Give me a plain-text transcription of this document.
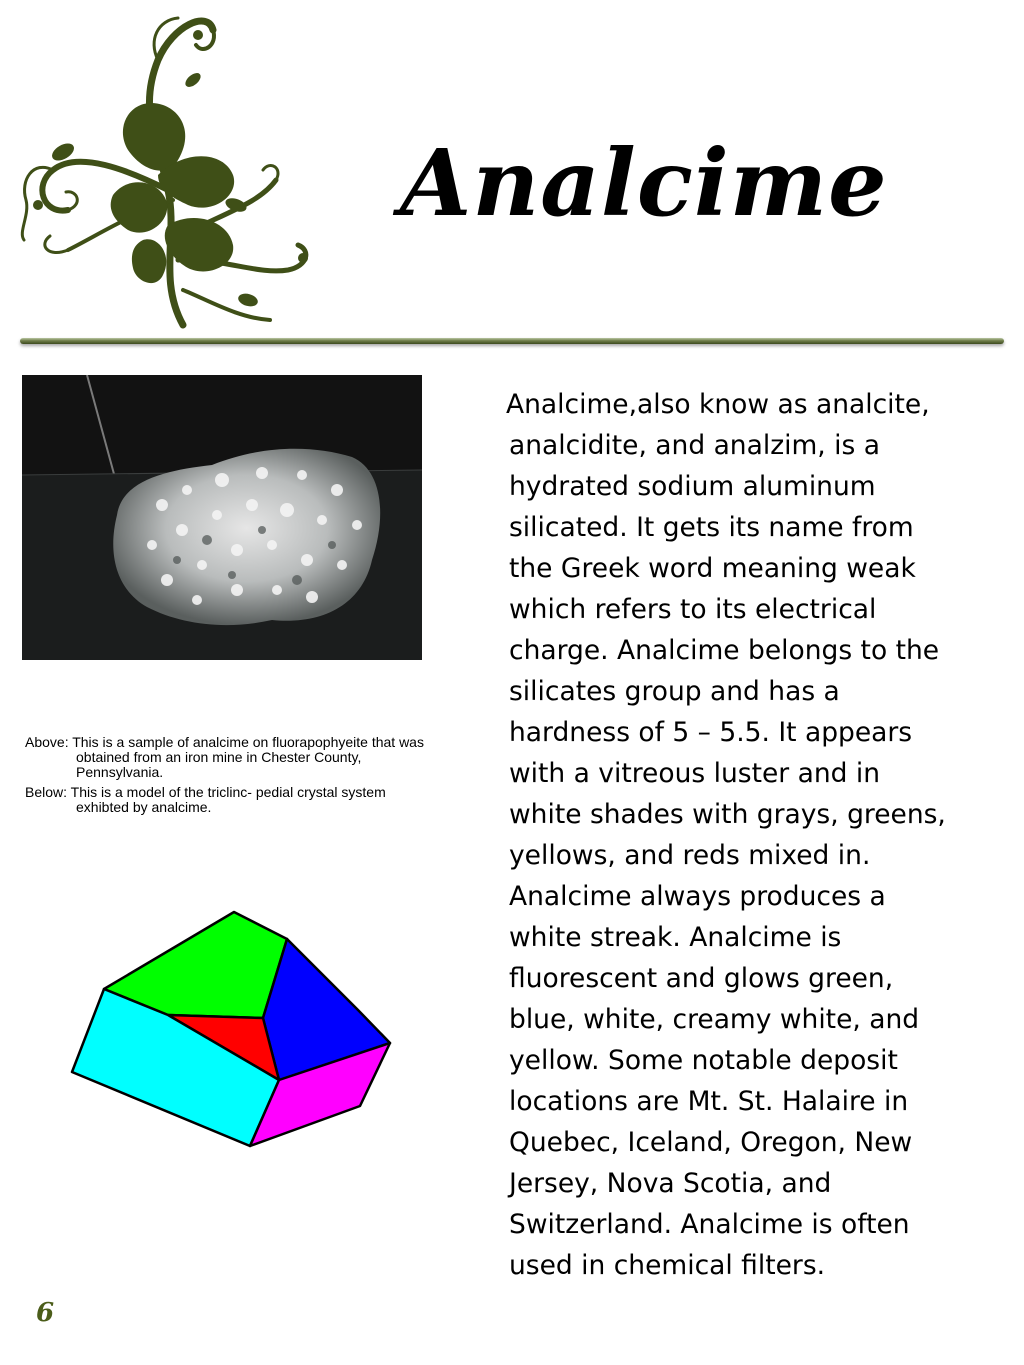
Analcime

Above: This is a sample of analcime on fluorapophyeite that was obtained from an iron mine in Chester County, Pennsylvania.

Below: This is a model of the triclinc- pedial crystal system exhibted by analcime.

Analcime,also know as analcite,
analcidite, and analzim, is a
hydrated sodium aluminum
silicated. It gets its name from
the Greek word meaning weak
which refers to its electrical
charge. Analcime belongs to the
silicates group and has a
hardness of 5 – 5.5. It appears
with a vitreous luster and in
white shades with grays, greens,
yellows, and reds mixed in.
Analcime always produces a
white streak. Analcime is
fluorescent and glows green,
blue, white, creamy white, and
yellow. Some notable deposit
locations are Mt. St. Halaire in
Quebec, Iceland, Oregon, New
Jersey, Nova Scotia, and
Switzerland. Analcime is often
used in chemical filters.

6
